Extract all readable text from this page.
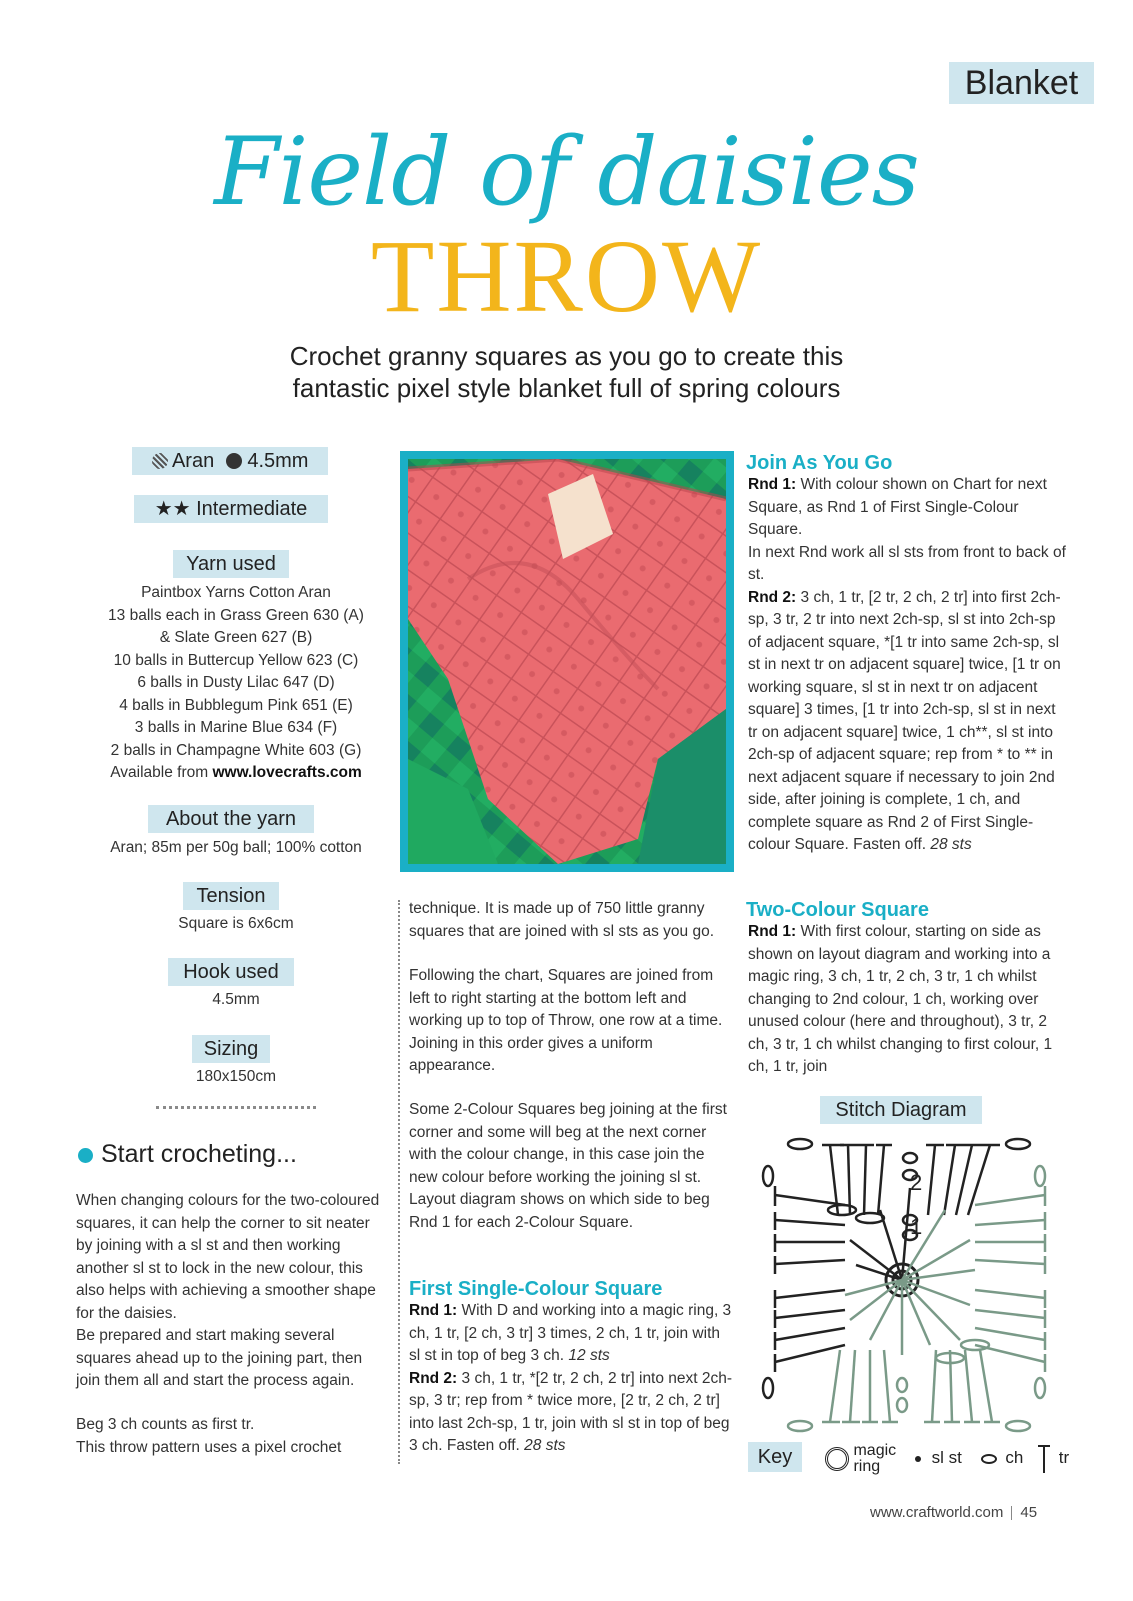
Blanket
Field of daisies
THROW
Crochet granny squares as you go to create this
fantastic pixel style blanket full of spring colours
Aran 4.5mm
★★ Intermediate
Yarn used
Paintbox Yarns Cotton Aran
13 balls each in Grass Green 630 (A)
& Slate Green 627 (B)
10 balls in Buttercup Yellow 623 (C)
6 balls in Dusty Lilac 647 (D)
4 balls in Bubblegum Pink 651 (E)
3 balls in Marine Blue 634 (F)
2 balls in Champagne White 603 (G)
Available from www.lovecrafts.com
About the yarn
Aran; 85m per 50g ball; 100% cotton
Tension
Square is 6x6cm
Hook used
4.5mm
Sizing
180x150cm
Start crocheting...
When changing colours for the two-coloured squares, it can help the corner to sit neater by joining with a sl st and then working another sl st to lock in the new colour, this also helps with achieving a smoother shape for the daisies.
Be prepared and start making several squares ahead up to the joining part, then join them all and start the process again.
Beg 3 ch counts as first tr.
This throw pattern uses a pixel crochet
technique. It is made up of 750 little granny squares that are joined with sl sts as you go.
Following the chart, Squares are joined from left to right starting at the bottom left and working up to top of Throw, one row at a time. Joining in this order gives a uniform appearance.
Some 2-Colour Squares beg joining at the first corner and some will beg at the next corner with the colour change, in this case join the new colour before working the joining sl st. Layout diagram shows on which side to beg Rnd 1 for each 2-Colour Square.
First Single-Colour Square
Rnd 1: With D and working into a magic ring, 3 ch, 1 tr, [2 ch, 3 tr] 3 times, 2 ch, 1 tr, join with sl st in top of beg 3 ch. 12 sts
Rnd 2: 3 ch, 1 tr, *[2 tr, 2 ch, 2 tr] into next 2ch-sp, 3 tr; rep from * twice more, [2 tr, 2 ch, 2 tr] into last 2ch-sp, 1 tr, join with sl st in top of beg 3 ch. Fasten off. 28 sts
Join As You Go
Rnd 1: With colour shown on Chart for next Square, as Rnd 1 of First Single-Colour Square.
In next Rnd work all sl sts from front to back of st.
Rnd 2: 3 ch, 1 tr, [2 tr, 2 ch, 2 tr] into first 2ch-sp, 3 tr, 2 tr into next 2ch-sp, sl st into 2ch-sp of adjacent square, *[1 tr into same 2ch-sp, sl st in next tr on adjacent square] twice, [1 tr on working square, sl st in next tr on adjacent square] 3 times, [1 tr into 2ch-sp, sl st in next tr on adjacent square] twice, 1 ch**, sl st into 2ch-sp of adjacent square; rep from * to ** in next adjacent square if necessary to join 2nd side, after joining is complete, 1 ch, and complete square as Rnd 2 of First Single-colour Square. Fasten off. 28 sts
Two-Colour Square
Rnd 1: With first colour, starting on side as shown on layout diagram and working into a magic ring, 3 ch, 1 tr, 2 ch, 3 tr, 1 ch whilst changing to 2nd colour, 1 ch, working over unused colour (here and throughout), 3 tr, 2 ch, 3 tr, 1 ch whilst changing to first colour, 1 ch, 1 tr, join
Stitch Diagram
2
1
Key	magic
ring	sl st	ch tr
www.craftworld.com 45
